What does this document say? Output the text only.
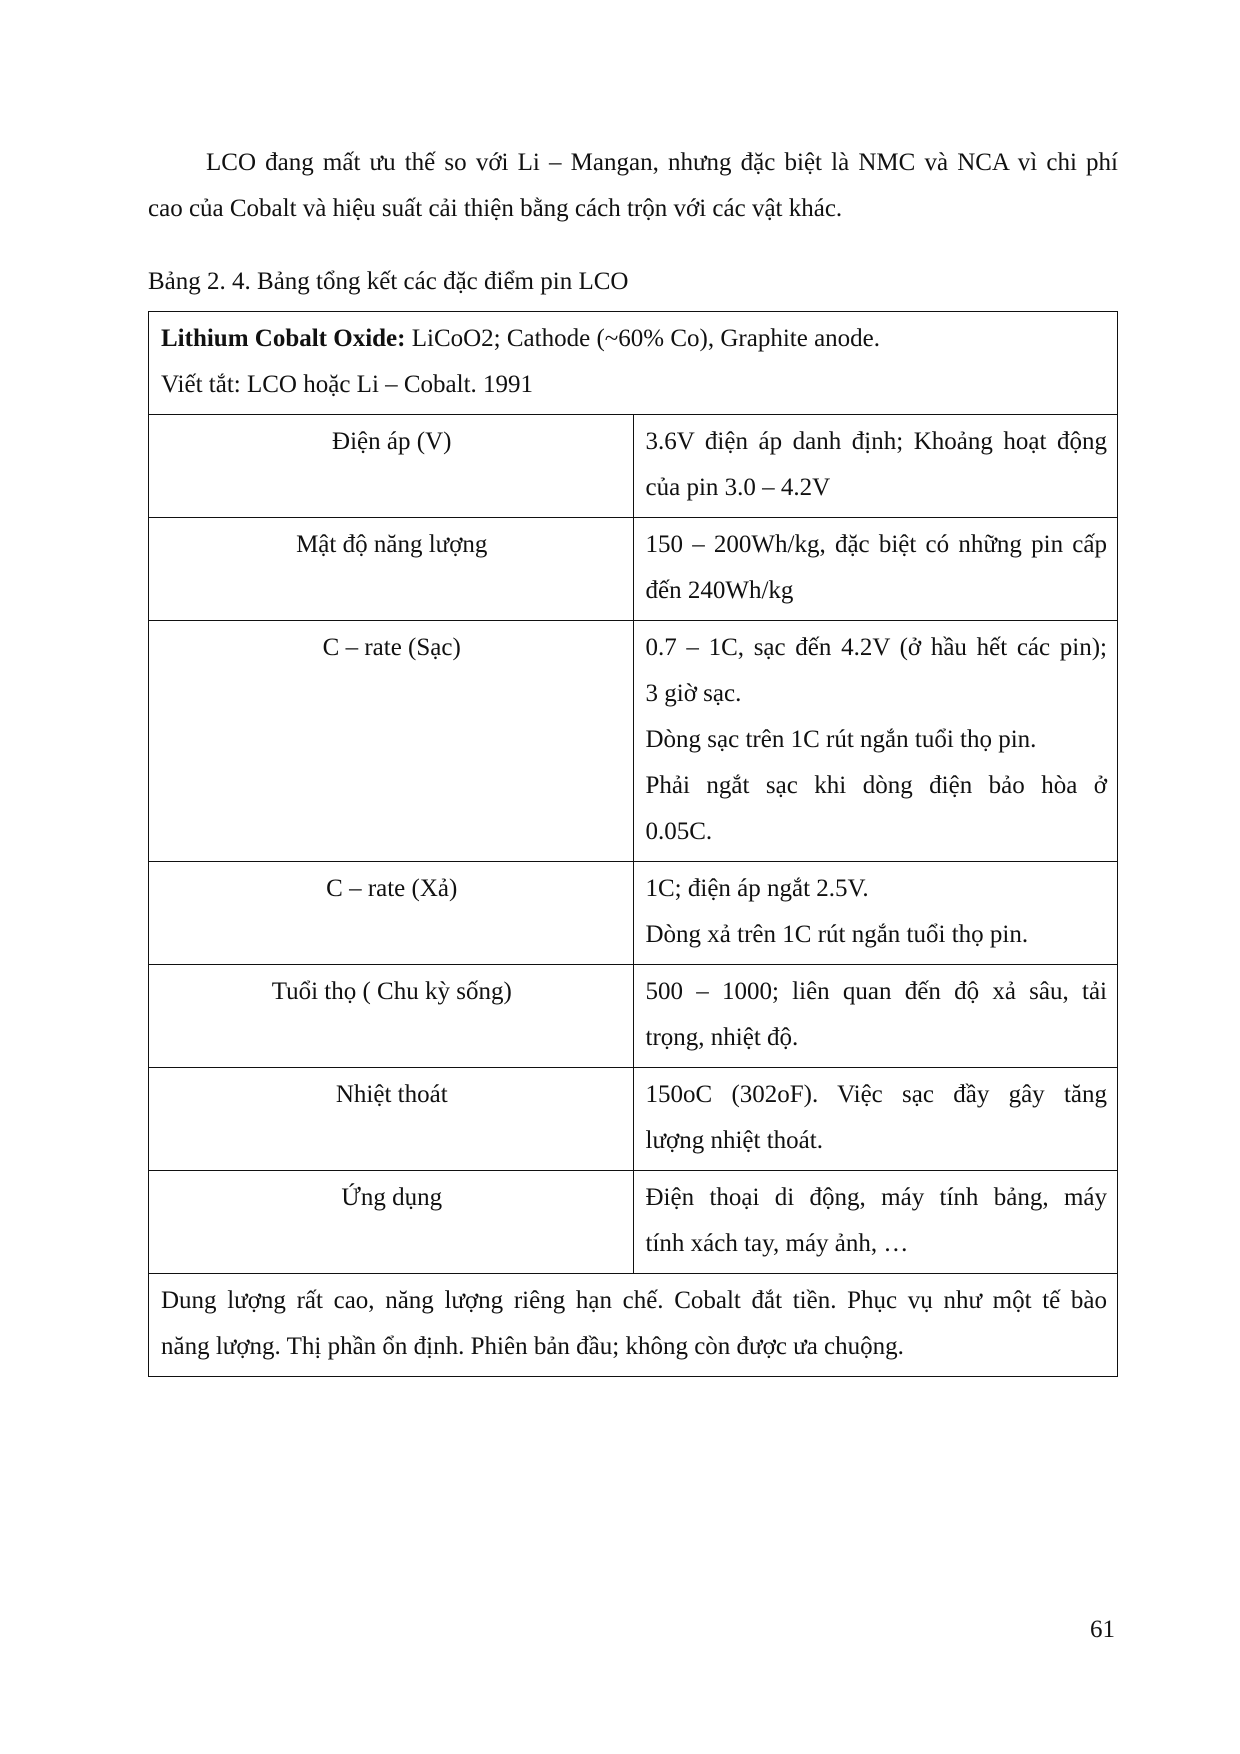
LCO đang mất ưu thế so với Li – Mangan, nhưng đặc biệt là NMC và NCA vì chi phí
cao của Cobalt và hiệu suất cải thiện bằng cách trộn với các vật khác.

Bảng 2. 4. Bảng tổng kết các đặc điểm pin LCO

Lithium Cobalt Oxide: LiCoO2; Cathode (~60% Co), Graphite anode.
Viết tắt: LCO hoặc Li – Cobalt. 1991	

Điện áp (V)	3.6V điện áp danh định; Khoảng hoạt động
của pin 3.0 – 4.2V

Mật độ năng lượng	150 – 200Wh/kg, đặc biệt có những pin cấp
đến 240Wh/kg

C – rate (Sạc)	0.7 – 1C, sạc đến 4.2V (ở hầu hết các pin);
3 giờ sạc.
Dòng sạc trên 1C rút ngắn tuổi thọ pin.
Phải ngắt sạc khi dòng điện bảo hòa ở
0.05C.

C – rate (Xả)	1C; điện áp ngắt 2.5V.
Dòng xả trên 1C rút ngắn tuổi thọ pin.

Tuổi thọ ( Chu kỳ sống)	500 – 1000; liên quan đến độ xả sâu, tải
trọng, nhiệt độ.

Nhiệt thoát	150oC (302oF). Việc sạc đầy gây tăng
lượng nhiệt thoát.

Ứng dụng	Điện thoại di động, máy tính bảng, máy
tính xách tay, máy ảnh, …

Dung lượng rất cao, năng lượng riêng hạn chế. Cobalt đắt tiền. Phục vụ như một tế bào
năng lượng. Thị phần ổn định. Phiên bản đầu; không còn được ưa chuộng.	
61
